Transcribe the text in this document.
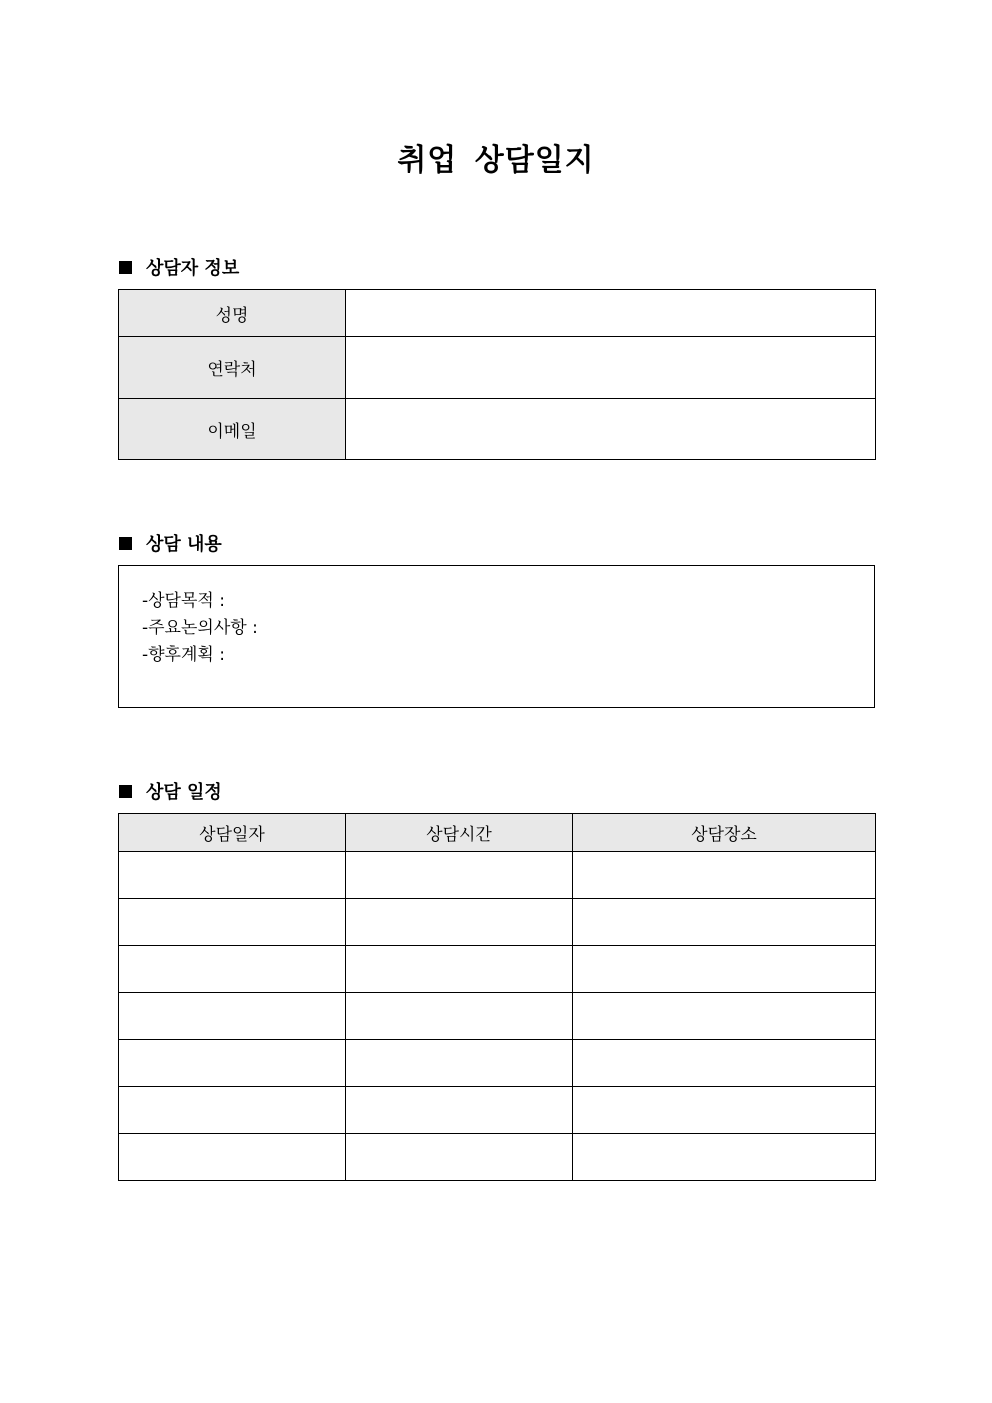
취업 상담일지
상담자 정보
성명	
연락처	
이메일	
상담 내용
-상담목적 :
-주요논의사항 :
-향후계획 :
상담 일정
상담일자	상담시간	상담장소
